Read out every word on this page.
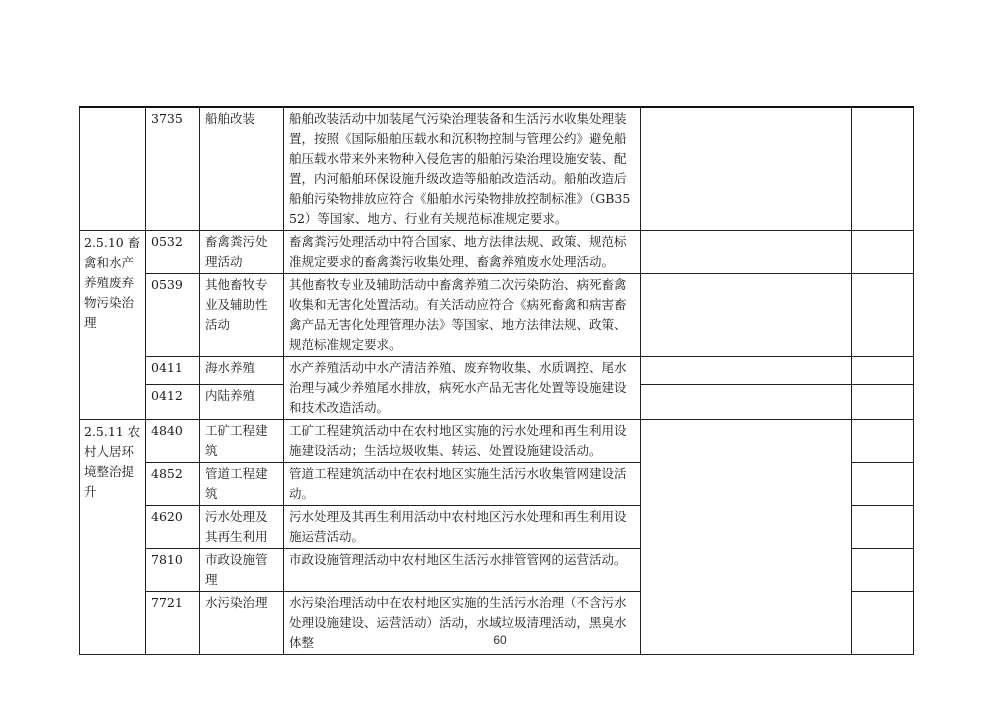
	3735	船舶改装	船舶改装活动中加装尾气污染治理装备和生活污水收集处理装置，按照《国际船舶压载水和沉积物控制与管理公约》避免船舶压载水带来外来物种入侵危害的船舶污染治理设施安装、配置，内河船舶环保设施升级改造等船舶改造活动。船舶改造后船舶污染物排放应符合《船舶水污染物排放控制标准》（GB3552）等国家、地方、行业有关规范标准规定要求。		
2.5.10 畜禽和水产养殖废弃物污染治理	0532	畜禽粪污处理活动	畜禽粪污处理活动中符合国家、地方法律法规、政策、规范标准规定要求的畜禽粪污收集处理、畜禽养殖废水处理活动。		
	0539	其他畜牧专业及辅助性活动	其他畜牧专业及辅助活动中畜禽养殖二次污染防治、病死畜禽收集和无害化处置活动。有关活动应符合《病死畜禽和病害畜禽产品无害化处理管理办法》等国家、地方法律法规、政策、规范标准规定要求。		
	0411	海水养殖	水产养殖活动中水产清洁养殖、废弃物收集、水质调控、尾水治理与减少养殖尾水排放，病死水产品无害化处置等设施建设和技术改造活动。		
	0412	内陆养殖			
2.5.11 农村人居环境整治提升	4840	工矿工程建筑	工矿工程建筑活动中在农村地区实施的污水处理和再生利用设施建设活动；生活垃圾收集、转运、处置设施建设活动。		
	4852	管道工程建筑	管道工程建筑活动中在农村地区实施生活污水收集管网建设活动。		
	4620	污水处理及其再生利用	污水处理及其再生利用活动中农村地区污水处理和再生利用设施运营活动。		
	7810	市政设施管理	市政设施管理活动中农村地区生活污水排管管网的运营活动。		
	7721	水污染治理	水污染治理活动中在农村地区实施的生活污水治理（不含污水处理设施建设、运营活动）活动，水域垃圾清理活动，黑臭水体整			60
